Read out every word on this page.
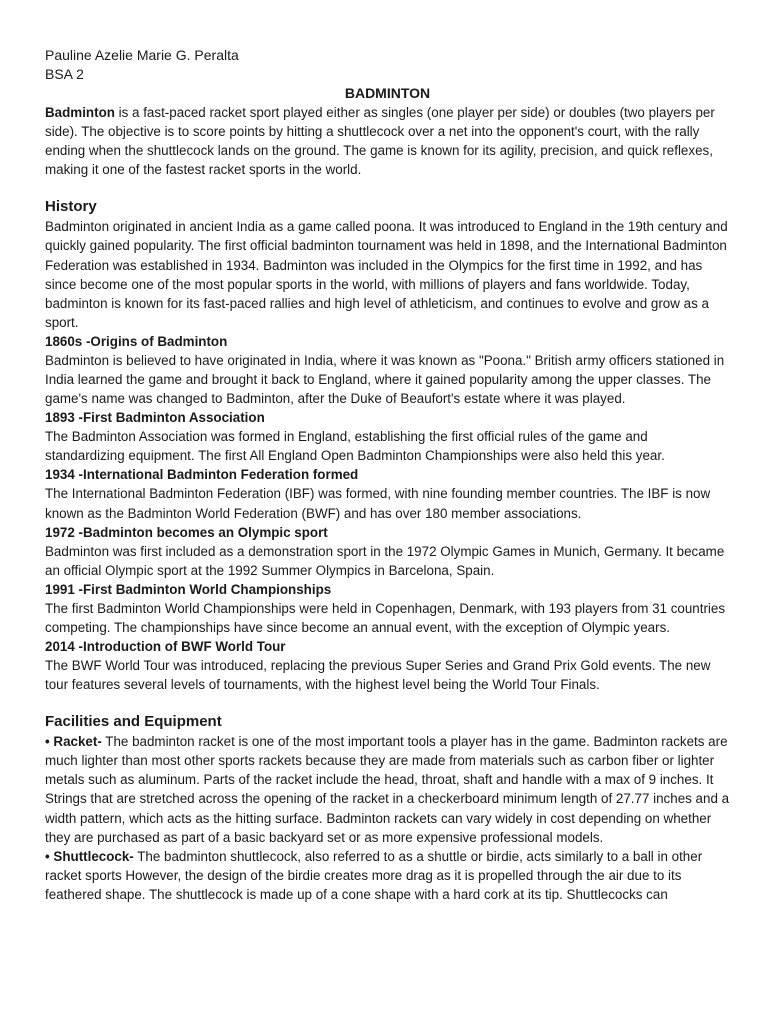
Pauline Azelie Marie G. Peralta

BSA 2

BADMINTON

Badminton is a fast-paced racket sport played either as singles (one player per side) or doubles (two players per side). The objective is to score points by hitting a shuttlecock over a net into the opponent's court, with the rally ending when the shuttlecock lands on the ground. The game is known for its agility, precision, and quick reflexes, making it one of the fastest racket sports in the world.

History

Badminton originated in ancient India as a game called poona. It was introduced to England in the 19th century and quickly gained popularity. The first official badminton tournament was held in 1898, and the International Badminton Federation was established in 1934. Badminton was included in the Olympics for the first time in 1992, and has since become one of the most popular sports in the world, with millions of players and fans worldwide. Today, badminton is known for its fast-paced rallies and high level of athleticism, and continues to evolve and grow as a sport.

1860s -Origins of Badminton

Badminton is believed to have originated in India, where it was known as "Poona." British army officers stationed in India learned the game and brought it back to England, where it gained popularity among the upper classes. The game's name was changed to Badminton, after the Duke of Beaufort's estate where it was played.

1893 -First Badminton Association

The Badminton Association was formed in England, establishing the first official rules of the game and standardizing equipment. The first All England Open Badminton Championships were also held this year.

1934 -International Badminton Federation formed

The International Badminton Federation (IBF) was formed, with nine founding member countries. The IBF is now known as the Badminton World Federation (BWF) and has over 180 member associations.

1972 -Badminton becomes an Olympic sport

Badminton was first included as a demonstration sport in the 1972 Olympic Games in Munich, Germany. It became an official Olympic sport at the 1992 Summer Olympics in Barcelona, Spain.

1991 -First Badminton World Championships

The first Badminton World Championships were held in Copenhagen, Denmark, with 193 players from 31 countries competing. The championships have since become an annual event, with the exception of Olympic years.

2014 -Introduction of BWF World Tour

The BWF World Tour was introduced, replacing the previous Super Series and Grand Prix Gold events. The new tour features several levels of tournaments, with the highest level being the World Tour Finals.

Facilities and Equipment

• Racket- The badminton racket is one of the most important tools a player has in the game. Badminton rackets are much lighter than most other sports rackets because they are made from materials such as carbon fiber or lighter metals such as aluminum. Parts of the racket include the head, throat, shaft and handle with a max of 9 inches. It Strings that are stretched across the opening of the racket in a checkerboard minimum length of 27.77 inches and a width pattern, which acts as the hitting surface. Badminton rackets can vary widely in cost depending on whether they are purchased as part of a basic backyard set or as more expensive professional models.

• Shuttlecock- The badminton shuttlecock, also referred to as a shuttle or birdie, acts similarly to a ball in other racket sports However, the design of the birdie creates more drag as it is propelled through the air due to its feathered shape. The shuttlecock is made up of a cone shape with a hard cork at its tip. Shuttlecocks can
